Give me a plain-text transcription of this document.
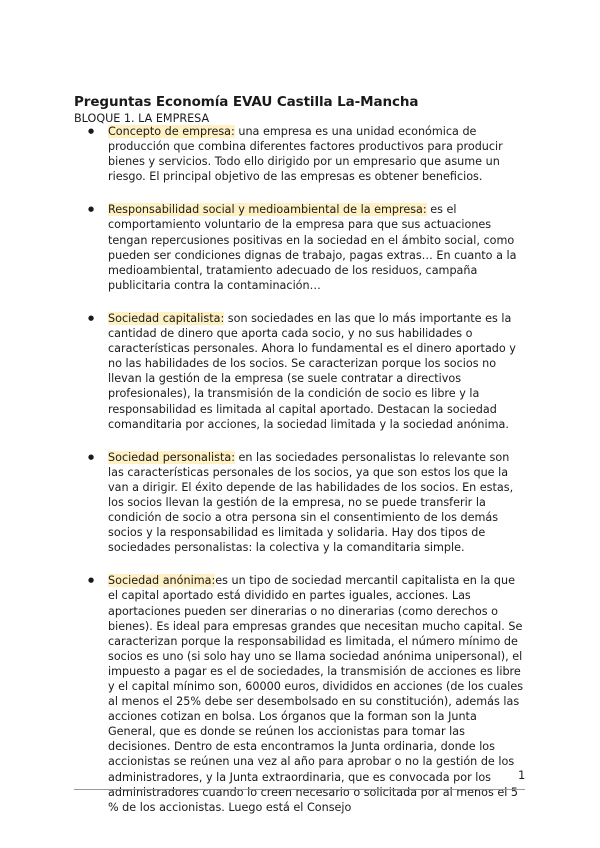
Preguntas Economía EVAU Castilla La-Mancha
BLOQUE 1. LA EMPRESA
● Concepto de empresa: una empresa es una unidad económica de producción que combina diferentes factores productivos para producir bienes y servicios. Todo ello dirigido por un empresario que asume un riesgo. El principal objetivo de las empresas es obtener beneficios.
● Responsabilidad social y medioambiental de la empresa: es el comportamiento voluntario de la empresa para que sus actuaciones tengan repercusiones positivas en la sociedad en el ámbito social, como pueden ser condiciones dignas de trabajo, pagas extras… En cuanto a la medioambiental, tratamiento adecuado de los residuos, campaña publicitaria contra la contaminación…
● Sociedad capitalista: son sociedades en las que lo más importante es la cantidad de dinero que aporta cada socio, y no sus habilidades o características personales. Ahora lo fundamental es el dinero aportado y no las habilidades de los socios. Se caracterizan porque los socios no llevan la gestión de la empresa (se suele contratar a directivos profesionales), la transmisión de la condición de socio es libre y la responsabilidad es limitada al capital aportado. Destacan la sociedad comanditaria por acciones, la sociedad limitada y la sociedad anónima.
● Sociedad personalista: en las sociedades personalistas lo relevante son las características personales de los socios, ya que son estos los que la van a dirigir. El éxito depende de las habilidades de los socios. En estas, los socios llevan la gestión de la empresa, no se puede transferir la condición de socio a otra persona sin el consentimiento de los demás socios y la responsabilidad es limitada y solidaria. Hay dos tipos de sociedades personalistas: la colectiva y la comanditaria simple.
● Sociedad anónima:es un tipo de sociedad mercantil capitalista en la que el capital aportado está dividido en partes iguales, acciones. Las aportaciones pueden ser dinerarias o no dinerarias (como derechos o bienes). Es ideal para empresas grandes que necesitan mucho capital. Se caracterizan porque la responsabilidad es limitada, el número mínimo de socios es uno (si solo hay uno se llama sociedad anónima unipersonal), el impuesto a pagar es el de sociedades, la transmisión de acciones es libre y el capital mínimo son, 60000 euros, divididos en acciones (de los cuales al menos el 25% debe ser desembolsado en su constitución), además las acciones cotizan en bolsa. Los órganos que la forman son la Junta General, que es donde se reúnen los accionistas para tomar las decisiones. Dentro de esta encontramos la Junta ordinaria, donde los accionistas se reúnen una vez al año para aprobar o no la gestión de los administradores, y la Junta extraordinaria, que es convocada por los administradores cuando lo creen necesario o solicitada por al menos el 5 % de los accionistas. Luego está el Consejo
1
